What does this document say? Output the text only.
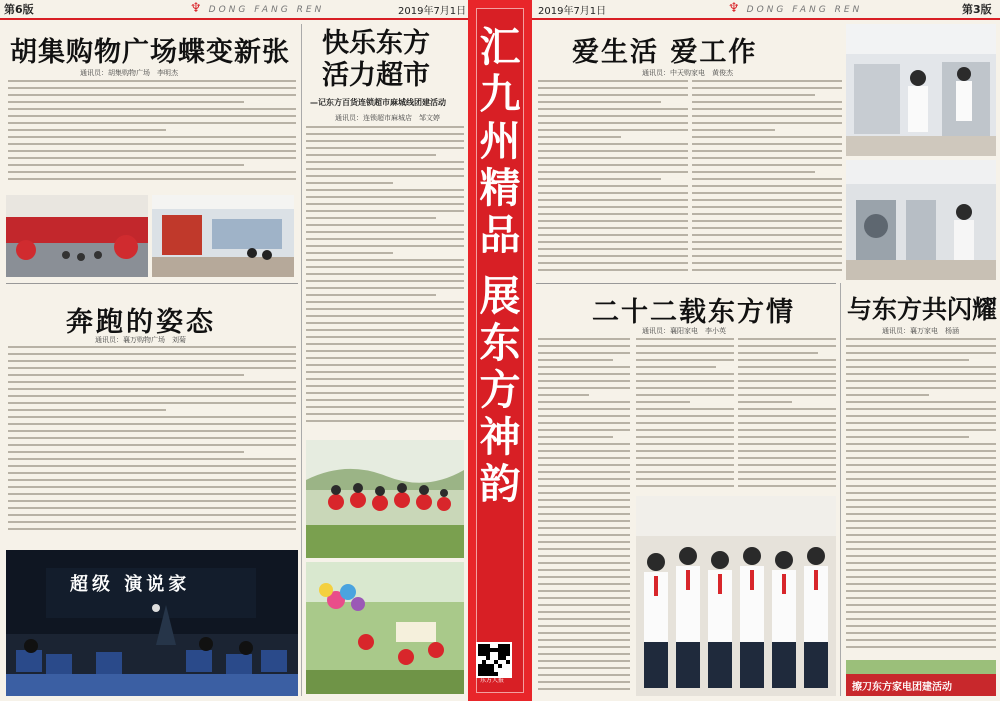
第6版	♆ DONG FANG REN	2019年7月1日
胡集购物广场蝶变新张
通讯员：胡集购物广场　李明杰
快乐东方 活力超市
—记东方百货连锁超市麻城线团建活动
通讯员：连锁超市麻城店　邹文婷
奔跑的姿态
通讯员：襄万购物广场　刘菊
超级 演说家
汇
九
州
精
品
展
东
方
神
韵
东方人报
2019年7月1日	♆ DONG FANG REN	第3版
爱生活 爱工作
通讯员：中天购家电　黄俊杰
二十二载东方情
通讯员：襄阳家电　李小英
与东方共闪耀
通讯员：襄万家电　杨涵
擦刀东方家电团建活动
